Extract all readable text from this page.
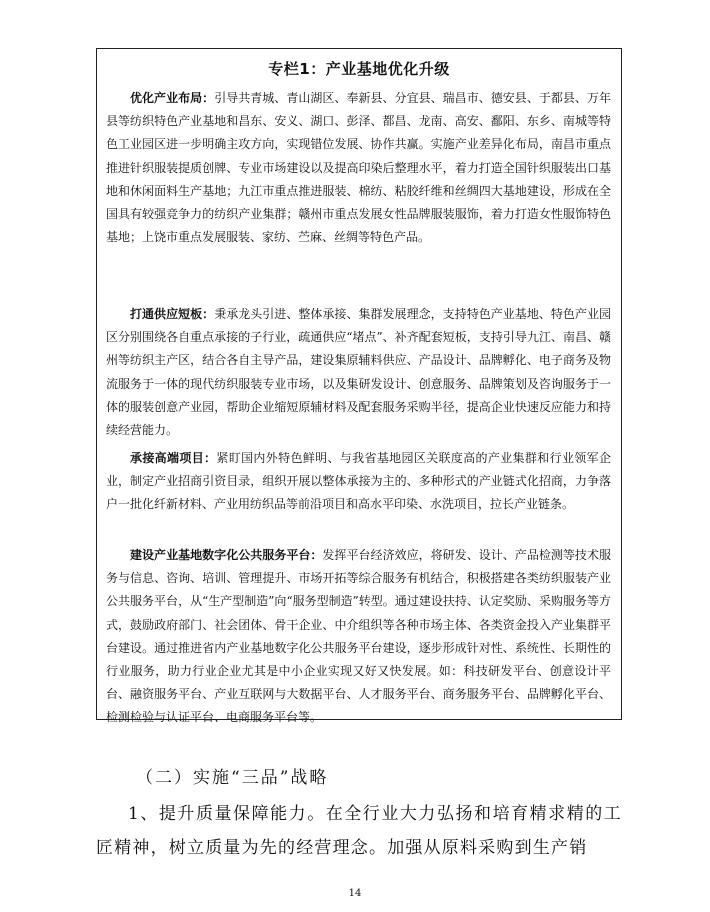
专栏1：产业基地优化升级

优化产业布局：引导共青城、青山湖区、奉新县、分宜县、瑞昌市、德安县、于都县、万年县等纺织特色产业基地和昌东、安义、湖口、彭泽、都昌、龙南、高安、鄱阳、东乡、南城等特色工业园区进一步明确主攻方向，实现错位发展、协作共赢。实施产业差异化布局，南昌市重点推进针织服装提质创牌、专业市场建设以及提高印染后整理水平，着力打造全国针织服装出口基地和休闲面料生产基地；九江市重点推进服装、棉纺、粘胶纤维和丝绸四大基地建设，形成在全国具有较强竞争力的纺织产业集群；赣州市重点发展女性品牌服装服饰，着力打造女性服饰特色基地；上饶市重点发展服装、家纺、苎麻、丝绸等特色产品。

打通供应短板：秉承龙头引进、整体承接、集群发展理念，支持特色产业基地、特色产业园区分别围绕各自重点承接的子行业，疏通供应“堵点”、补齐配套短板，支持引导九江、南昌、赣州等纺织主产区，结合各自主导产品，建设集原辅料供应、产品设计、品牌孵化、电子商务及物流服务于一体的现代纺织服装专业市场，以及集研发设计、创意服务、品牌策划及咨询服务于一体的服装创意产业园，帮助企业缩短原辅材料及配套服务采购半径，提高企业快速反应能力和持续经营能力。

承接高端项目：紧盯国内外特色鲜明、与我省基地园区关联度高的产业集群和行业领军企业，制定产业招商引资目录，组织开展以整体承接为主的、多种形式的产业链式化招商，力争落户一批化纤新材料、产业用纺织品等前沿项目和高水平印染、水洗项目，拉长产业链条。

建设产业基地数字化公共服务平台：发挥平台经济效应，将研发、设计、产品检测等技术服务与信息、咨询、培训、管理提升、市场开拓等综合服务有机结合，积极搭建各类纺织服装产业公共服务平台，从“生产型制造”向“服务型制造”转型。通过建设扶持、认定奖励、采购服务等方式，鼓励政府部门、社会团体、骨干企业、中介组织等各种市场主体、各类资金投入产业集群平台建设。通过推进省内产业基地数字化公共服务平台建设，逐步形成针对性、系统性、长期性的行业服务，助力行业企业尤其是中小企业实现又好又快发展。如：科技研发平台、创意设计平台、融资服务平台、产业互联网与大数据平台、人才服务平台、商务服务平台、品牌孵化平台、检测检验与认证平台、电商服务平台等。

（二）实施“三品”战略

1、提升质量保障能力。在全行业大力弘扬和培育精求精的工匠精神，树立质量为先的经营理念。加强从原料采购到生产销

14
